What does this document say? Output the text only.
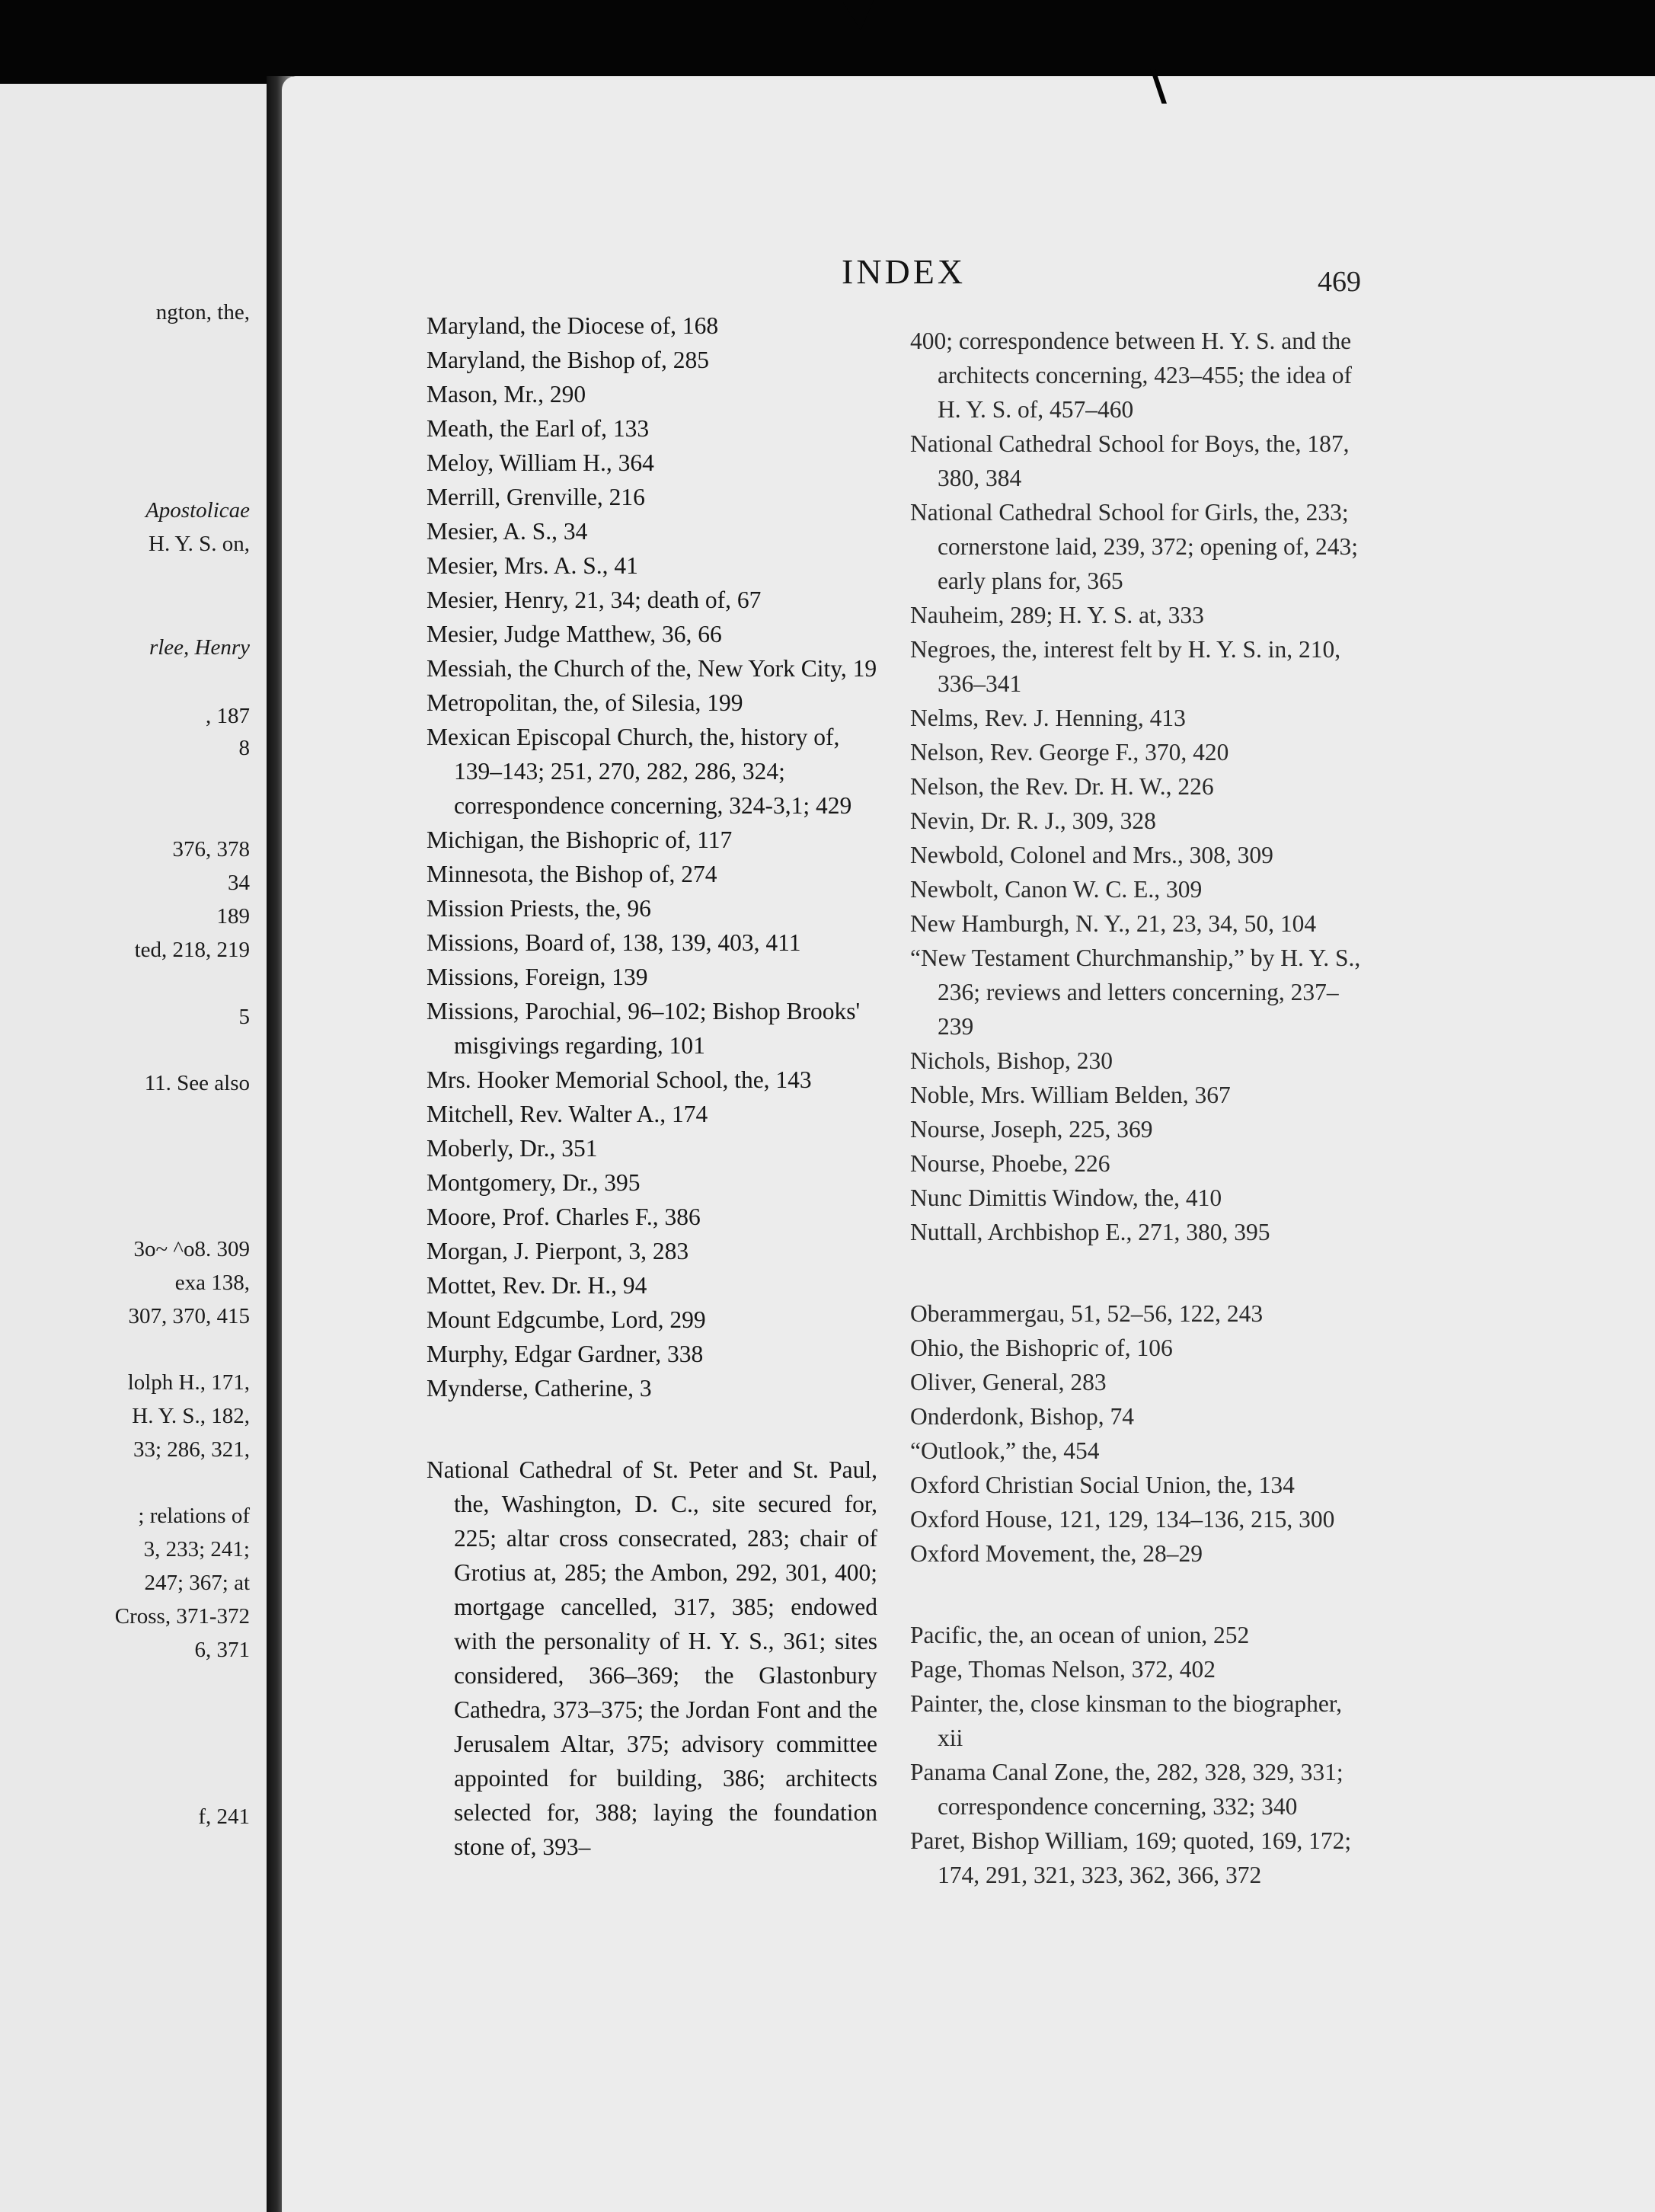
ngton, the,
Apostolicae
H. Y. S. on,
rlee, Henry
, 187
8
376, 378
34
189
ted, 218, 219
5
11. See also
3o~ ^o8. 309
exa 138,
307, 370, 415
lolph H., 171,
H. Y. S., 182,
33; 286, 321,
; relations of
3, 233; 241;
247; 367; at
Cross, 371-372
6, 371
f, 241
INDEX	469

Maryland, the Diocese of, 168

Maryland, the Bishop of, 285

Mason, Mr., 290

Meath, the Earl of, 133

Meloy, William H., 364

Merrill, Grenville, 216

Mesier, A. S., 34

Mesier, Mrs. A. S., 41

Mesier, Henry, 21, 34; death of, 67

Mesier, Judge Matthew, 36, 66

Messiah, the Church of the, New York City, 19

Metropolitan, the, of Silesia, 199

Mexican Episcopal Church, the, history of, 139–143; 251, 270, 282, 286, 324; correspondence concerning, 324-3,1; 429

Michigan, the Bishopric of, 117

Minnesota, the Bishop of, 274

Mission Priests, the, 96

Missions, Board of, 138, 139, 403, 411

Missions, Foreign, 139

Missions, Parochial, 96–102; Bishop Brooks' misgivings regarding, 101

Mrs. Hooker Memorial School, the, 143

Mitchell, Rev. Walter A., 174

Moberly, Dr., 351

Montgomery, Dr., 395

Moore, Prof. Charles F., 386

Morgan, J. Pierpont, 3, 283

Mottet, Rev. Dr. H., 94

Mount Edgcumbe, Lord, 299

Murphy, Edgar Gardner, 338

Mynderse, Catherine, 3

National Cathedral of St. Peter and St. Paul, the, Washington, D. C., site secured for, 225; altar cross consecrated, 283; chair of Grotius at, 285; the Ambon, 292, 301, 400; mortgage cancelled, 317, 385; endowed with the personality of H. Y. S., 361; sites considered, 366–369; the Glastonbury Cathedra, 373–375; the Jordan Font and the Jerusalem Altar, 375; advisory committee appointed for building, 386; architects selected for, 388; laying the foundation stone of, 393–

400; correspondence between H. Y. S. and the architects concerning, 423–455; the idea of H. Y. S. of, 457–460

National Cathedral School for Boys, the, 187, 380, 384

National Cathedral School for Girls, the, 233; cornerstone laid, 239, 372; opening of, 243; early plans for, 365

Nauheim, 289; H. Y. S. at, 333

Negroes, the, interest felt by H. Y. S. in, 210, 336–341

Nelms, Rev. J. Henning, 413

Nelson, Rev. George F., 370, 420

Nelson, the Rev. Dr. H. W., 226

Nevin, Dr. R. J., 309, 328

Newbold, Colonel and Mrs., 308, 309

Newbolt, Canon W. C. E., 309

New Hamburgh, N. Y., 21, 23, 34, 50, 104

“New Testament Churchmanship,” by H. Y. S., 236; reviews and letters concerning, 237–239

Nichols, Bishop, 230

Noble, Mrs. William Belden, 367

Nourse, Joseph, 225, 369

Nourse, Phoebe, 226

Nunc Dimittis Window, the, 410

Nuttall, Archbishop E., 271, 380, 395

Oberammergau, 51, 52–56, 122, 243

Ohio, the Bishopric of, 106

Oliver, General, 283

Onderdonk, Bishop, 74

“Outlook,” the, 454

Oxford Christian Social Union, the, 134

Oxford House, 121, 129, 134–136, 215, 300

Oxford Movement, the, 28–29

Pacific, the, an ocean of union, 252

Page, Thomas Nelson, 372, 402

Painter, the, close kinsman to the biographer, xii

Panama Canal Zone, the, 282, 328, 329, 331; correspondence concerning, 332; 340

Paret, Bishop William, 169; quoted, 169, 172; 174, 291, 321, 323, 362, 366, 372
